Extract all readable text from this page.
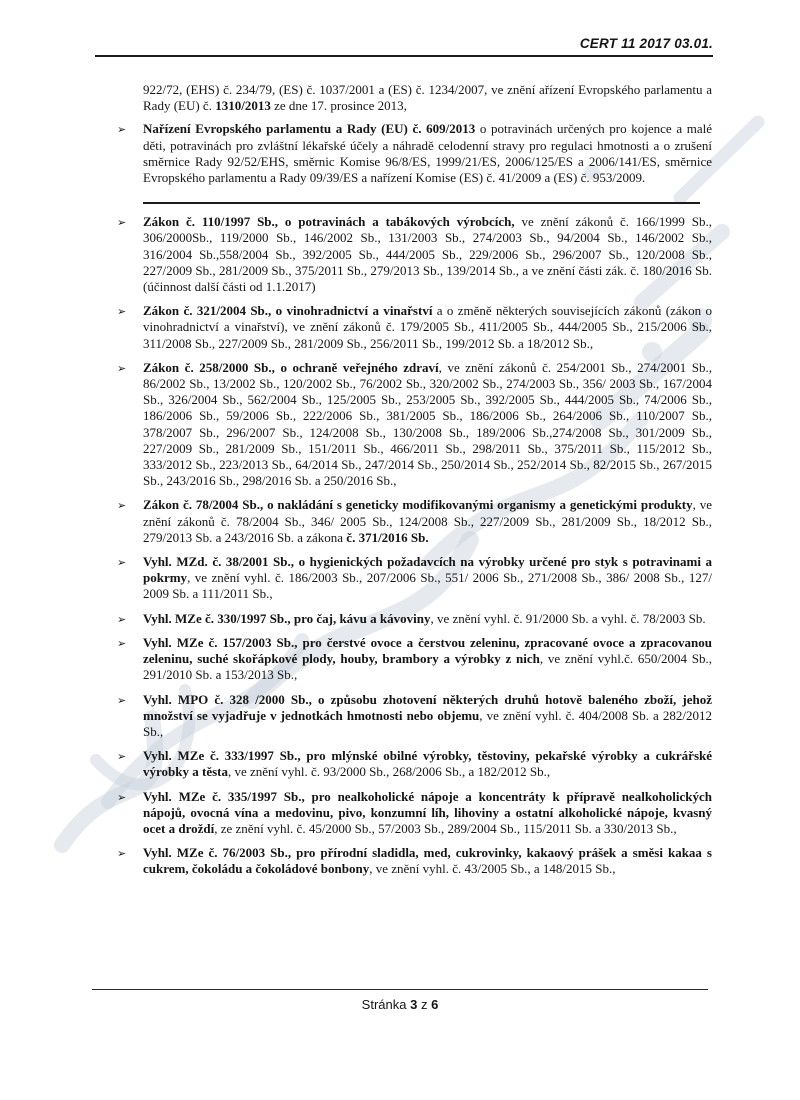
CERT 11 2017 03.01.

922/72, (EHS) č. 234/79, (ES) č. 1037/2001 a (ES) č. 1234/2007, ve znění ařízení Evropského parlamentu a Rady (EU) č. 1310/2013 ze dne 17. prosince 2013,

➢ Nařízení Evropského parlamentu a Rady (EU) č. 609/2013 o potravinách určených pro kojence a malé děti, potravinách pro zvláštní lékařské účely a náhradě celodenní stravy pro regulaci hmotnosti a o zrušení směrnice Rady 92/52/EHS, směrnic Komise 96/8/ES, 1999/21/ES, 2006/125/ES a 2006/141/ES, směrnice Evropského parlamentu a Rady 09/39/ES a nařízení Komise (ES) č. 41/2009 a (ES) č. 953/2009.
➢ Zákon č. 110/1997 Sb., o potravinách a tabákových výrobcích, ve znění zákonů č. 166/1999 Sb., 306/2000Sb., 119/2000 Sb., 146/2002 Sb., 131/2003 Sb., 274/2003 Sb., 94/2004 Sb., 146/2002 Sb., 316/2004 Sb.,558/2004 Sb., 392/2005 Sb., 444/2005 Sb., 229/2006 Sb., 296/2007 Sb., 120/2008 Sb., 227/2009 Sb., 281/2009 Sb., 375/2011 Sb., 279/2013 Sb., 139/2014 Sb., a ve znění části zák. č. 180/2016 Sb. (účinnost další části od 1.1.2017)
➢ Zákon č. 321/2004 Sb., o vinohradnictví a vinařství a o změně některých souvisejících zákonů (zákon o vinohradnictví a vinařství), ve znění zákonů č. 179/2005 Sb., 411/2005 Sb., 444/2005 Sb., 215/2006 Sb., 311/2008 Sb., 227/2009 Sb., 281/2009 Sb., 256/2011 Sb., 199/2012 Sb. a 18/2012 Sb.,
➢ Zákon č. 258/2000 Sb., o ochraně veřejného zdraví, ve znění zákonů č. 254/2001 Sb., 274/2001 Sb., 86/2002 Sb., 13/2002 Sb., 120/2002 Sb., 76/2002 Sb., 320/2002 Sb., 274/2003 Sb., 356/ 2003 Sb., 167/2004 Sb., 326/2004 Sb., 562/2004 Sb., 125/2005 Sb., 253/2005 Sb., 392/2005 Sb., 444/2005 Sb., 74/2006 Sb., 186/2006 Sb., 59/2006 Sb., 222/2006 Sb., 381/2005 Sb., 186/2006 Sb., 264/2006 Sb., 110/2007 Sb., 378/2007 Sb., 296/2007 Sb., 124/2008 Sb., 130/2008 Sb., 189/2006 Sb.,274/2008 Sb., 301/2009 Sb., 227/2009 Sb., 281/2009 Sb., 151/2011 Sb., 466/2011 Sb., 298/2011 Sb., 375/2011 Sb., 115/2012 Sb., 333/2012 Sb., 223/2013 Sb., 64/2014 Sb., 247/2014 Sb., 250/2014 Sb., 252/2014 Sb., 82/2015 Sb., 267/2015 Sb., 243/2016 Sb., 298/2016 Sb. a 250/2016 Sb.,
➢ Zákon č. 78/2004 Sb., o nakládání s geneticky modifikovanými organismy a genetickými produkty, ve znění zákonů č. 78/2004 Sb., 346/ 2005 Sb., 124/2008 Sb., 227/2009 Sb., 281/2009 Sb., 18/2012 Sb., 279/2013 Sb. a 243/2016 Sb. a zákona č. 371/2016 Sb.
➢ Vyhl. MZd. č. 38/2001 Sb., o hygienických požadavcích na výrobky určené pro styk s potravinami a pokrmy, ve znění vyhl. č. 186/2003 Sb., 207/2006 Sb., 551/ 2006 Sb., 271/2008 Sb., 386/ 2008 Sb., 127/ 2009 Sb. a 111/2011 Sb.,
➢ Vyhl. MZe č. 330/1997 Sb., pro čaj, kávu a kávoviny, ve znění vyhl. č. 91/2000 Sb. a vyhl. č. 78/2003 Sb.
➢ Vyhl. MZe č. 157/2003 Sb., pro čerstvé ovoce a čerstvou zeleninu, zpracované ovoce a zpracovanou zeleninu, suché skořápkové plody, houby, brambory a výrobky z nich, ve znění vyhl.č. 650/2004 Sb., 291/2010 Sb. a 153/2013 Sb.,
➢ Vyhl. MPO č. 328 /2000 Sb., o způsobu zhotovení některých druhů hotově baleného zboží, jehož množství se vyjadřuje v jednotkách hmotnosti nebo objemu, ve znění vyhl. č. 404/2008 Sb. a 282/2012 Sb.,
➢ Vyhl. MZe č. 333/1997 Sb., pro mlýnské obilné výrobky, těstoviny, pekařské výrobky a cukrářské výrobky a těsta, ve znění vyhl. č. 93/2000 Sb., 268/2006 Sb., a 182/2012 Sb.,
➢ Vyhl. MZe č. 335/1997 Sb., pro nealkoholické nápoje a koncentráty k přípravě nealkoholických nápojů, ovocná vína a medovinu, pivo, konzumní líh, lihoviny a ostatní alkoholické nápoje, kvasný ocet a droždí, ze znění vyhl. č. 45/2000 Sb., 57/2003 Sb., 289/2004 Sb., 115/2011 Sb. a 330/2013 Sb.,
➢ Vyhl. MZe č. 76/2003 Sb., pro přírodní sladidla, med, cukrovinky, kakaový prášek a směsi kakaa s cukrem, čokoládu a čokoládové bonbony, ve znění vyhl. č. 43/2005 Sb., a 148/2015 Sb.,
Stránka 3 z 6
